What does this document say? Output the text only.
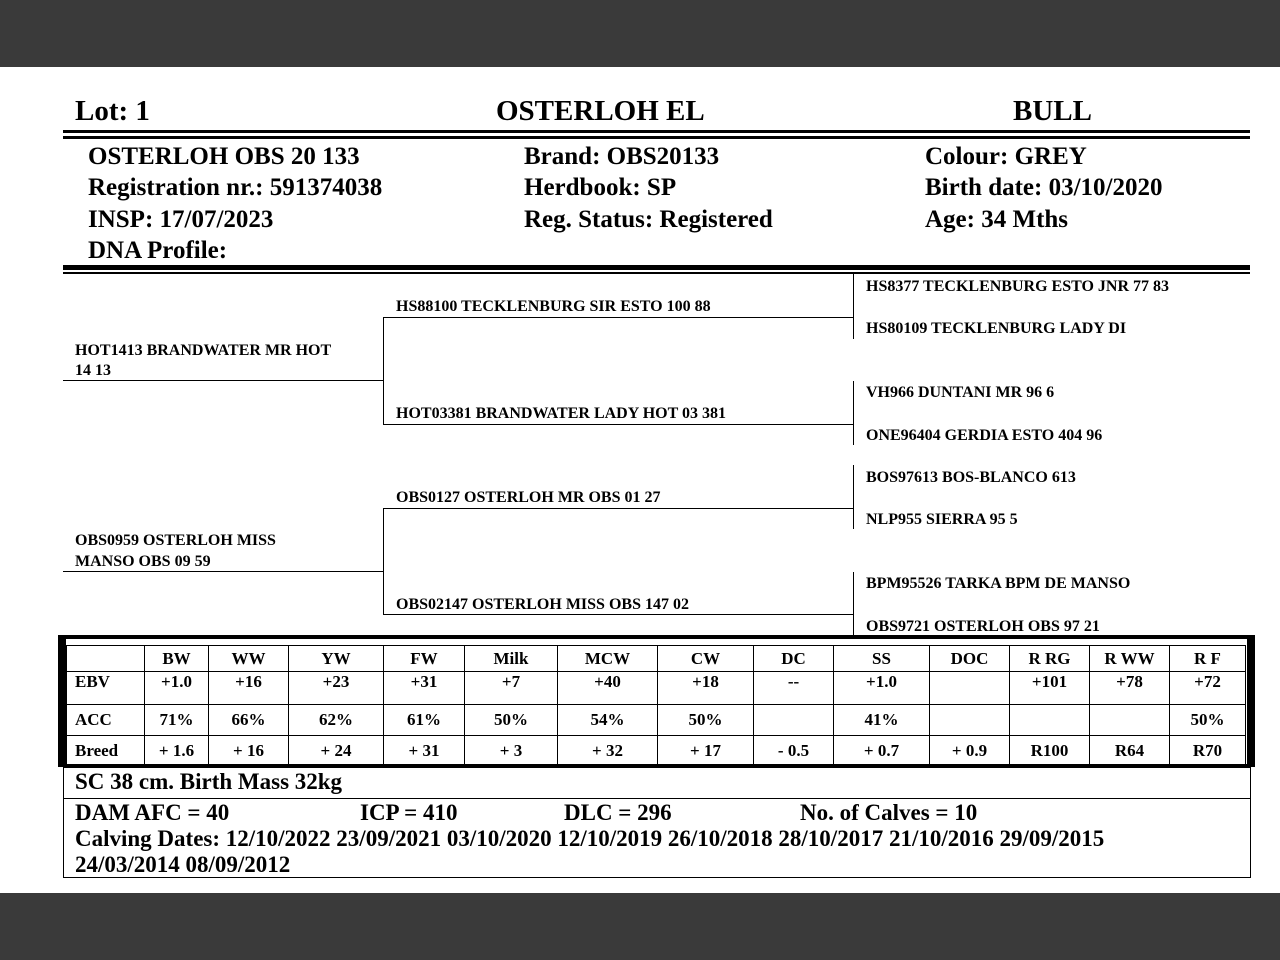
Lot: 1	OSTERLOH EL	BULL
OSTERLOH OBS 20 133
Registration nr.: 591374038
INSP: 17/07/2023
DNA Profile:
Brand: OBS20133
Herdbook: SP
Reg. Status: Registered
Colour: GREY
Birth date: 03/10/2020
Age: 34 Mths
HOT1413 BRANDWATER MR HOT
14 13
HS88100 TECKLENBURG SIR ESTO 100 88
HOT03381 BRANDWATER LADY HOT 03 381
HS8377 TECKLENBURG ESTO JNR 77 83
HS80109 TECKLENBURG LADY DI
VH966 DUNTANI MR 96 6
ONE96404 GERDIA ESTO 404 96
OBS0959 OSTERLOH MISS
MANSO OBS 09 59
OBS0127 OSTERLOH MR OBS 01 27
OBS02147 OSTERLOH MISS OBS 147 02
BOS97613 BOS-BLANCO 613
NLP955 SIERRA 95 5
BPM95526 TARKA BPM DE MANSO
OBS9721 OSTERLOH OBS 97 21
	BW	WW	YW	FW	Milk	MCW	CW	DC	SS	DOC	R RG	R WW	R F
EBV	+1.0	+16	+23	+31	+7	+40	+18	--	+1.0		+101	+78	+72
ACC	71%	66%	62%	61%	50%	54%	50%		41%				50%
Breed	+ 1.6	+ 16	+ 24	+ 31	+ 3	+ 32	+ 17	- 0.5	+ 0.7	+ 0.9	R100	R64	R70
SC 38 cm. Birth Mass 32kg
DAM AFC = 40	ICP = 410	DLC = 296	No. of Calves = 10
Calving Dates: 12/10/2022 23/09/2021 03/10/2020 12/10/2019 26/10/2018 28/10/2017 21/10/2016 29/09/2015
24/03/2014 08/09/2012
